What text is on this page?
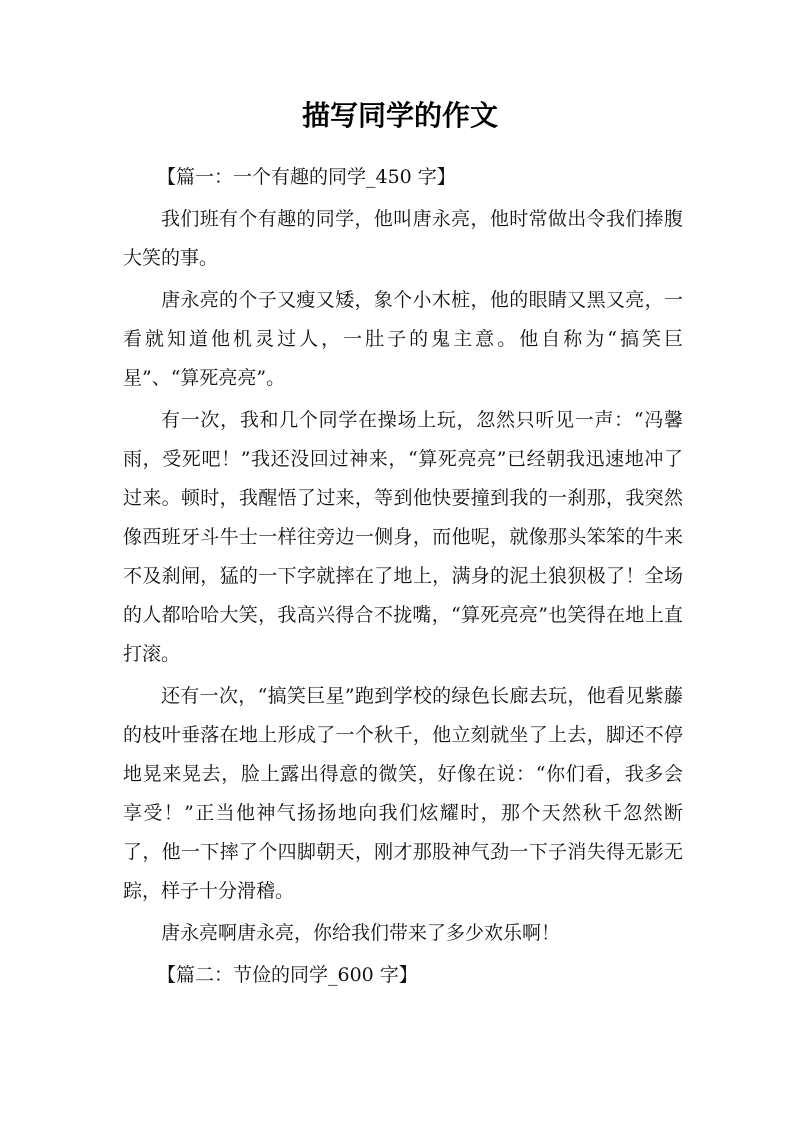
描写同学的作文

【篇一：一个有趣的同学_450 字】

我们班有个有趣的同学，他叫唐永亮，他时常做出令我们捧腹大笑的事。

唐永亮的个子又瘦又矮，象个小木桩，他的眼睛又黑又亮，一看就知道他机灵过人，一肚子的鬼主意。他自称为“搞笑巨星”、“算死亮亮”。

有一次，我和几个同学在操场上玩，忽然只听见一声：“冯馨雨，受死吧！”我还没回过神来，“算死亮亮”已经朝我迅速地冲了过来。顿时，我醒悟了过来，等到他快要撞到我的一刹那，我突然像西班牙斗牛士一样往旁边一侧身，而他呢，就像那头笨笨的牛来不及刹闸，猛的一下字就摔在了地上，满身的泥土狼狈极了！全场的人都哈哈大笑，我高兴得合不拢嘴，“算死亮亮”也笑得在地上直打滚。

还有一次，“搞笑巨星”跑到学校的绿色长廊去玩，他看见紫藤的枝叶垂落在地上形成了一个秋千，他立刻就坐了上去，脚还不停地晃来晃去，脸上露出得意的微笑，好像在说：“你们看，我多会享受！”正当他神气扬扬地向我们炫耀时，那个天然秋千忽然断了，他一下摔了个四脚朝天，刚才那股神气劲一下子消失得无影无踪，样子十分滑稽。

唐永亮啊唐永亮，你给我们带来了多少欢乐啊！

【篇二：节俭的同学_600 字】
